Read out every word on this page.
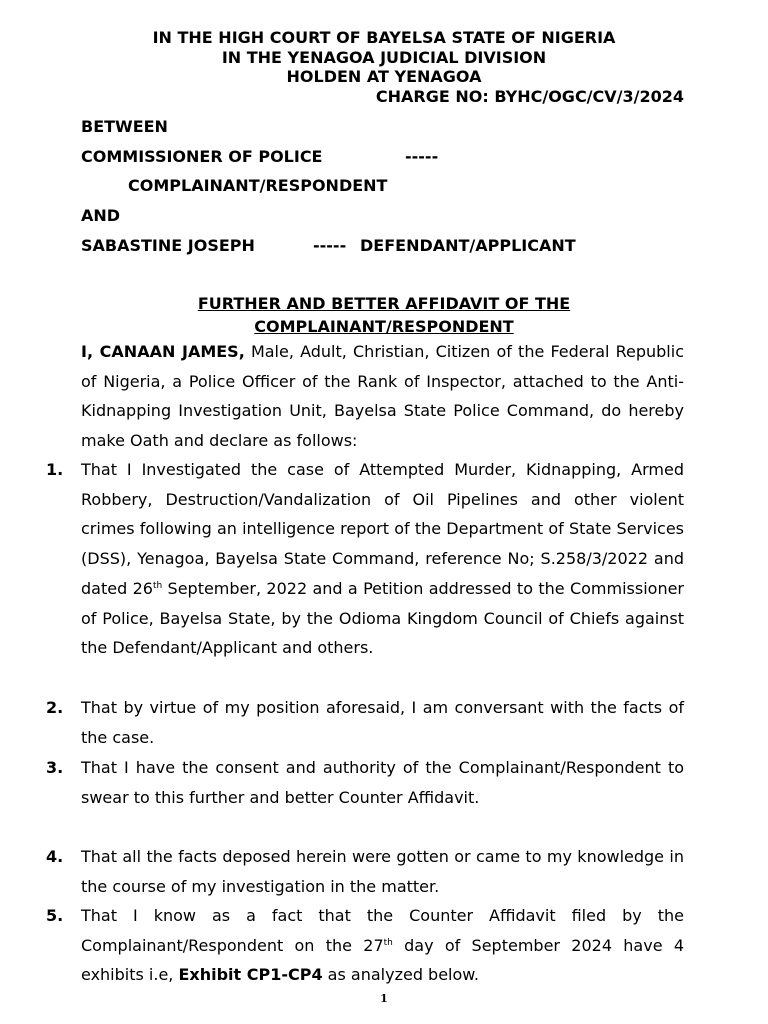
IN THE HIGH COURT OF BAYELSA STATE OF NIGERIA
IN THE YENAGOA JUDICIAL DIVISION
HOLDEN AT YENAGOA
CHARGE NO: BYHC/OGC/CV/3/2024
BETWEEN
COMMISSIONER OF POLICE	-----
COMPLAINANT/RESPONDENT
AND
SABASTINE JOSEPH	----- DEFENDANT/APPLICANT
FURTHER AND BETTER AFFIDAVIT OF THE
COMPLAINANT/RESPONDENT

I, CANAAN JAMES, Male, Adult, Christian, Citizen of the Federal Republic of Nigeria, a Police Officer of the Rank of Inspector, attached to the Anti-Kidnapping Investigation Unit, Bayelsa State Police Command, do hereby make Oath and declare as follows:

1. That I Investigated the case of Attempted Murder, Kidnapping, Armed Robbery, Destruction/Vandalization of Oil Pipelines and other violent crimes following an intelligence report of the Department of State Services (DSS), Yenagoa, Bayelsa State Command, reference No; S.258/3/2022 and dated 26th September, 2022 and a Petition addressed to the Commissioner of Police, Bayelsa State, by the Odioma Kingdom Council of Chiefs against the Defendant/Applicant and others.

2. That by virtue of my position aforesaid, I am conversant with the facts of the case.

3. That I have the consent and authority of the Complainant/Respondent to swear to this further and better Counter Affidavit.

4. That all the facts deposed herein were gotten or came to my knowledge in the course of my investigation in the matter.

5. That I know as a fact that the Counter Affidavit filed by the Complainant/Respondent on the 27th day of September 2024 have 4 exhibits i.e, Exhibit CP1-CP4 as analyzed below.

1
